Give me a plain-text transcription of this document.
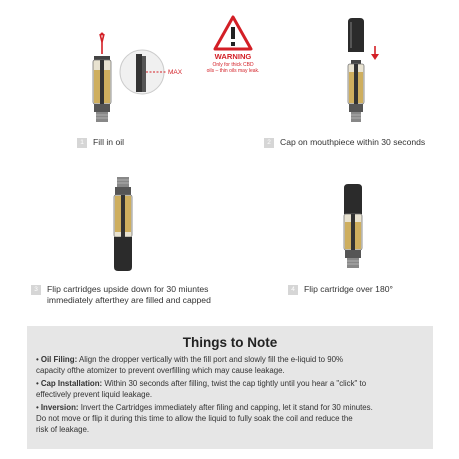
MAX
WARNING
Only for thick CBD
oils – thin oils may leak.
1	Fill in oil	2	Cap on mouthpiece within 30 seconds
3	Flip cartridges upside down for 30 miuntes
immediately afterthey are filled and capped
4	Flip cartridge over 180°
Things to Note
• Oil Filing: Align the dropper vertically with the fill port and slowly fill the e-liquid to 90%
capacity ofthe atomizer to prevent overfilling which may cause leakage.
• Cap Installation: Within 30 seconds after filling, twist the cap tightly until you hear a "click" to
effectively prevent liquid leakage.
• Inversion: Invert the Cartridges immediately after filing and capping, let it stand for 30 minutes.
Do not move or flip it during this time to allow the liquid to fully soak the coil and reduce the
risk of leakage.
